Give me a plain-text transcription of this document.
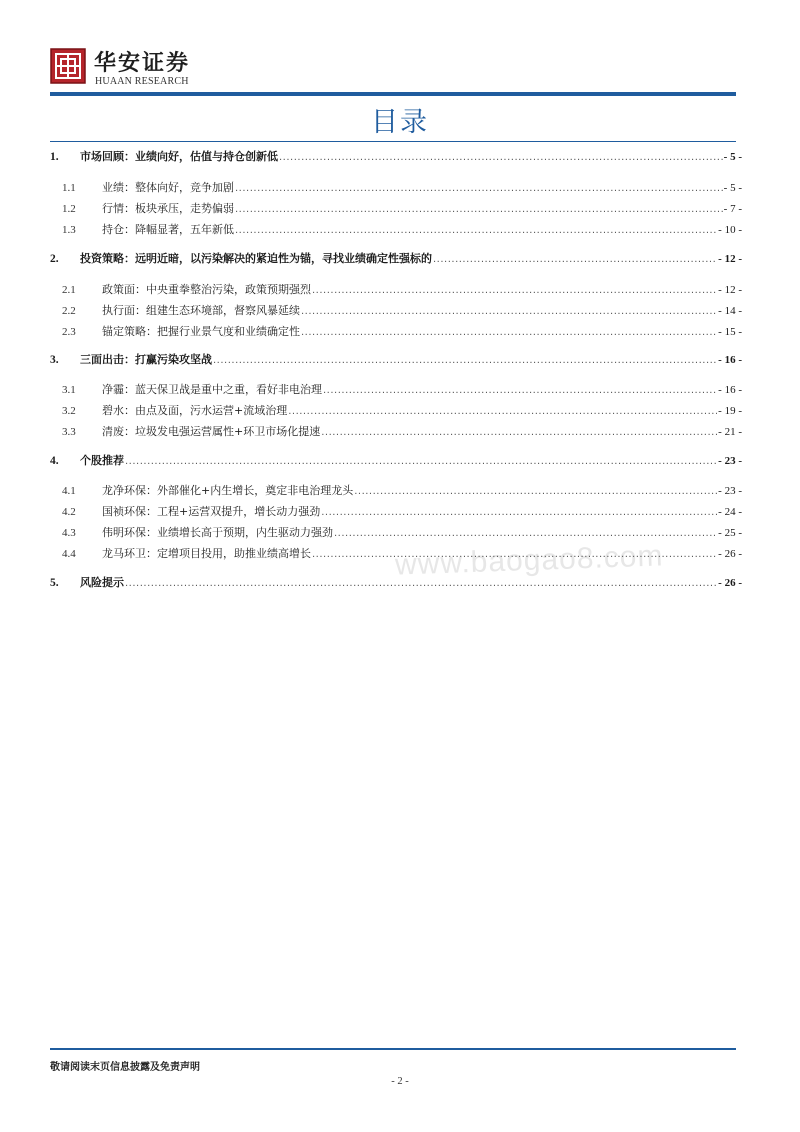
华安证券
HUAAN RESEARCH
目录
1.	市场回顾：业绩向好，估值与持仓创新低 .....	- 5 -
1.1	业绩：整体向好，竞争加剧 .....	- 5 -
1.2	行情：板块承压，走势偏弱 .....	- 7 -
1.3	持仓：降幅显著，五年新低 .....	- 10 -
2.	投资策略：远明近暗，以污染解决的紧迫性为锚，寻找业绩确定性强标的 .....	- 12 -
2.1	政策面：中央重拳整治污染，政策预期强烈 .....	- 12 -
2.2	执行面：组建生态环境部，督察风暴延续 .....	- 14 -
2.3	锚定策略：把握行业景气度和业绩确定性 .....	- 15 -
3.	三面出击：打赢污染攻坚战 .....	- 16 -
3.1	净霾：蓝天保卫战是重中之重，看好非电治理 .....	- 16 -
3.2	碧水：由点及面，污水运营+流域治理 .....	- 19 -
3.3	清废：垃圾发电强运营属性+环卫市场化提速 .....	- 21 -
4.	个股推荐 .....	- 23 -
4.1	龙净环保：外部催化+内生增长，奠定非电治理龙头 .....	- 23 -
4.2	国祯环保：工程+运营双提升，增长动力强劲 .....	- 24 -
4.3	伟明环保：业绩增长高于预期，内生驱动力强劲 .....	- 25 -
4.4	龙马环卫：定增项目投用，助推业绩高增长 .....	- 26 -
5.	风险提示 .....	- 26 -
www.baogao8.com
敬请阅读末页信息披露及免责声明
- 2 -
